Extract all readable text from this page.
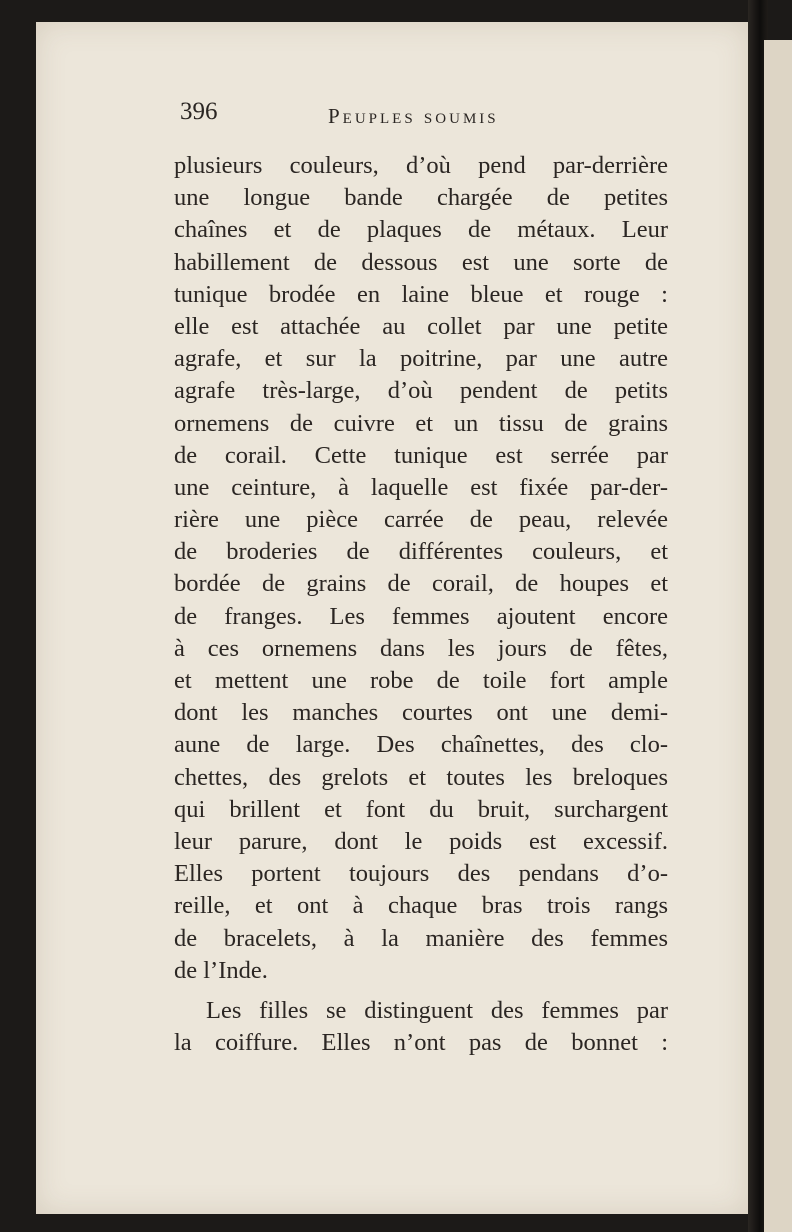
396	Peuples soumis
plusieurs couleurs, d’où pend par-derrière
une longue bande chargée de petites
chaînes et de plaques de métaux. Leur
habillement de dessous est une sorte de
tunique brodée en laine bleue et rouge :
elle est attachée au collet par une petite
agrafe, et sur la poitrine, par une autre
agrafe très-large, d’où pendent de petits
ornemens de cuivre et un tissu de grains
de corail. Cette tunique est serrée par
une ceinture, à laquelle est fixée par-der-
rière une pièce carrée de peau, relevée
de broderies de différentes couleurs, et
bordée de grains de corail, de houpes et
de franges. Les femmes ajoutent encore
à ces ornemens dans les jours de fêtes,
et mettent une robe de toile fort ample
dont les manches courtes ont une demi-
aune de large. Des chaînettes, des clo-
chettes, des grelots et toutes les breloques
qui brillent et font du bruit, surchargent
leur parure, dont le poids est excessif.
Elles portent toujours des pendans d’o-
reille, et ont à chaque bras trois rangs
de bracelets, à la manière des femmes
de l’Inde.
Les filles se distinguent des femmes par
la coiffure. Elles n’ont pas de bonnet :
